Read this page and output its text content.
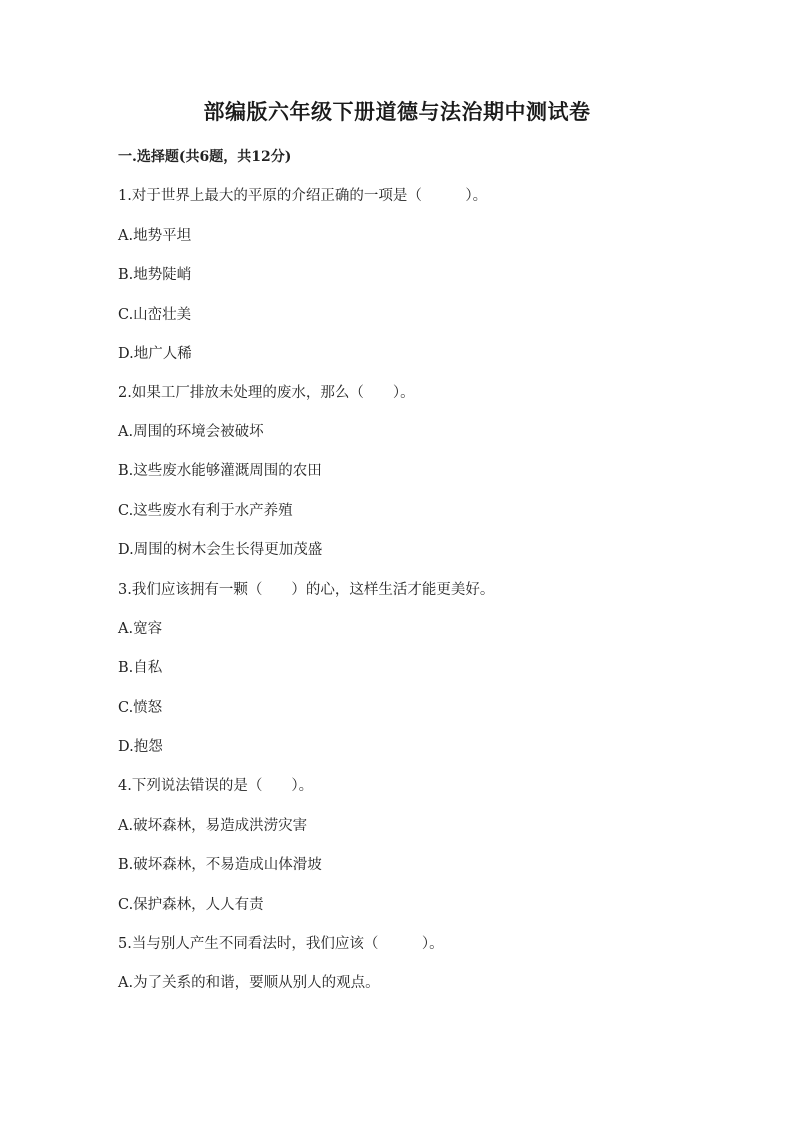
部编版六年级下册道德与法治期中测试卷
一.选择题(共6题，共12分)
1.对于世界上最大的平原的介绍正确的一项是（　　　）。
A.地势平坦
B.地势陡峭
C.山峦壮美
D.地广人稀
2.如果工厂排放未处理的废水，那么（　　）。
A.周围的环境会被破坏
B.这些废水能够灌溉周围的农田
C.这些废水有利于水产养殖
D.周围的树木会生长得更加茂盛
3.我们应该拥有一颗（　　）的心，这样生活才能更美好。
A.宽容
B.自私
C.愤怒
D.抱怨
4.下列说法错误的是（　　）。
A.破坏森林，易造成洪涝灾害
B.破坏森林，不易造成山体滑坡
C.保护森林，人人有责
5.当与别人产生不同看法时，我们应该（　　　）。
A.为了关系的和谐，要顺从别人的观点。
